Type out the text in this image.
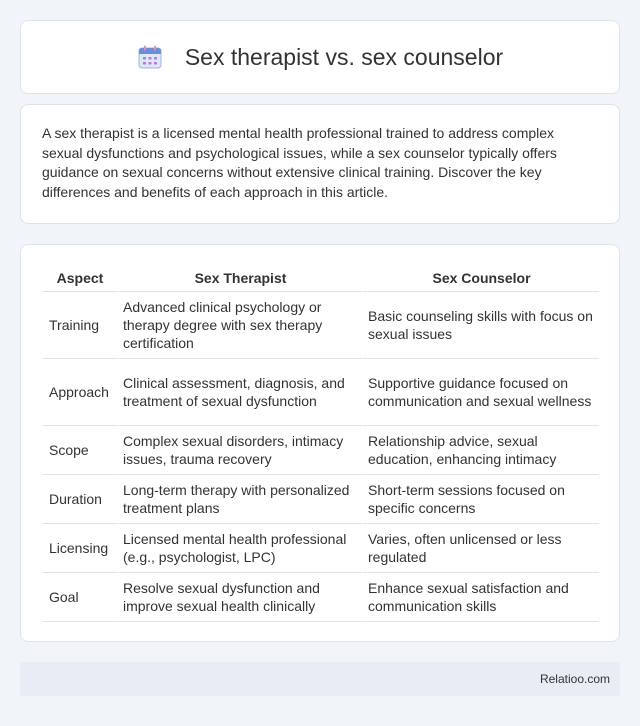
Sex therapist vs. sex counselor

A sex therapist is a licensed mental health professional trained to address complex sexual dysfunctions and psychological issues, while a sex counselor typically offers guidance on sexual concerns without extensive clinical training. Discover the key differences and benefits of each approach in this article.

Aspect	Sex Therapist	Sex Counselor
Training	Advanced clinical psychology or therapy degree with sex therapy certification	Basic counseling skills with focus on sexual issues
Approach	Clinical assessment, diagnosis, and treatment of sexual dysfunction	Supportive guidance focused on communication and sexual wellness
Scope	Complex sexual disorders, intimacy issues, trauma recovery	Relationship advice, sexual education, enhancing intimacy
Duration	Long-term therapy with personalized treatment plans	Short-term sessions focused on specific concerns
Licensing	Licensed mental health professional (e.g., psychologist, LPC)	Varies, often unlicensed or less regulated
Goal	Resolve sexual dysfunction and improve sexual health clinically	Enhance sexual satisfaction and communication skills
Relatioo.com
